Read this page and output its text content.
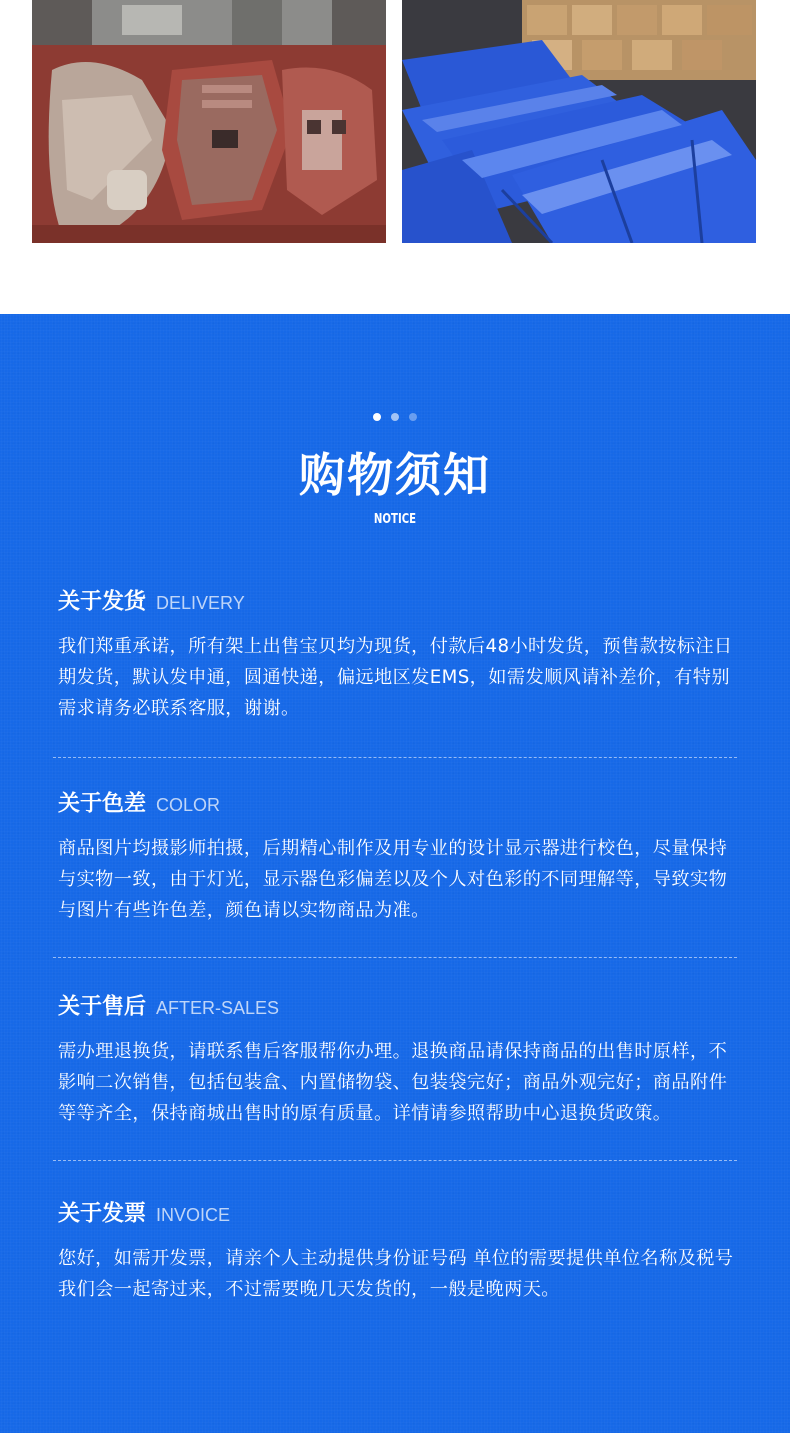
购物须知
NOTICE
关于发货 DELIVERY
我们郑重承诺，所有架上出售宝贝均为现货，付款后48小时发货，预售款按标注日期发货，默认发申通，圆通快递，偏远地区发EMS，如需发顺风请补差价，有特别需求请务必联系客服，谢谢。
关于色差 COLOR
商品图片均摄影师拍摄，后期精心制作及用专业的设计显示器进行校色，尽量保持与实物一致，由于灯光，显示器色彩偏差以及个人对色彩的不同理解等，导致实物与图片有些许色差，颜色请以实物商品为准。
关于售后 AFTER-SALES
需办理退换货，请联系售后客服帮你办理。退换商品请保持商品的出售时原样，不影响二次销售，包括包装盒、内置储物袋、包装袋完好；商品外观完好；商品附件等等齐全，保持商城出售时的原有质量。详情请参照帮助中心退换货政策。
关于发票 INVOICE
您好，如需开发票，请亲个人主动提供身份证号码 单位的需要提供单位名称及税号我们会一起寄过来，不过需要晚几天发货的，一般是晚两天。
